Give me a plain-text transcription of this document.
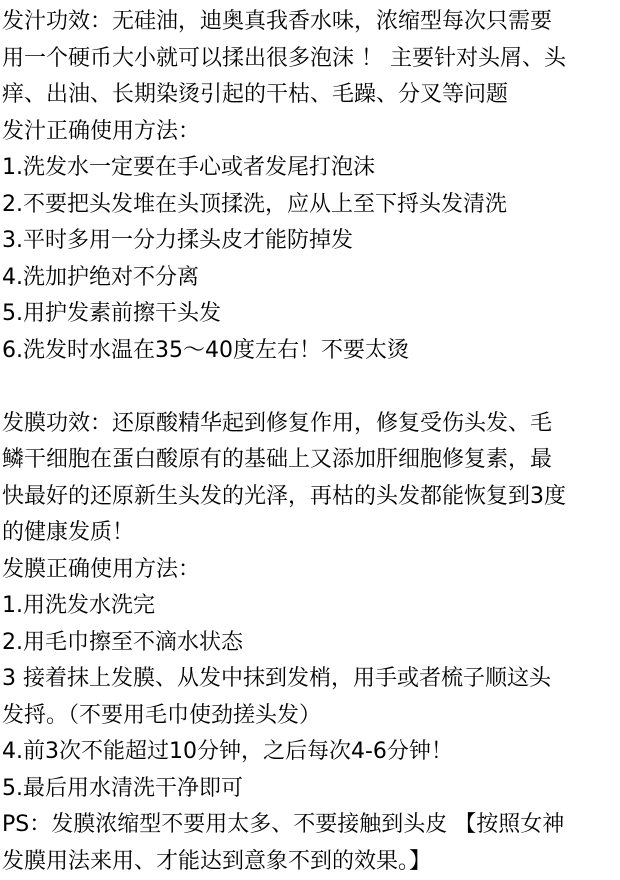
发汁功效：无硅油，迪奥真我香水味，浓缩型每次只需要
用一个硬币大小就可以揉出很多泡沫 ！ 主要针对头屑、头
痒、出油、长期染烫引起的干枯、毛躁、分叉等问题
发汁正确使用方法：
1.洗发水一定要在手心或者发尾打泡沫
2.不要把头发堆在头顶揉洗，应从上至下捋头发清洗
3.平时多用一分力揉头皮才能防掉发
4.洗加护绝对不分离
5.用护发素前擦干头发
6.洗发时水温在35～40度左右！不要太烫
发膜功效：还原酸精华起到修复作用，修复受伤头发、毛
鳞干细胞在蛋白酸原有的基础上又添加肝细胞修复素，最
快最好的还原新生头发的光泽，再枯的头发都能恢复到3度
的健康发质！
发膜正确使用方法：
1.用洗发水洗完
2.用毛巾擦至不滴水状态
3 接着抹上发膜、从发中抹到发梢，用手或者梳子顺这头
发捋。（不要用毛巾使劲搓头发）
4.前3次不能超过10分钟，之后每次4-6分钟！
5.最后用水清洗干净即可
PS：发膜浓缩型不要用太多、不要接触到头皮 【按照女神
发膜用法来用、才能达到意象不到的效果。】
